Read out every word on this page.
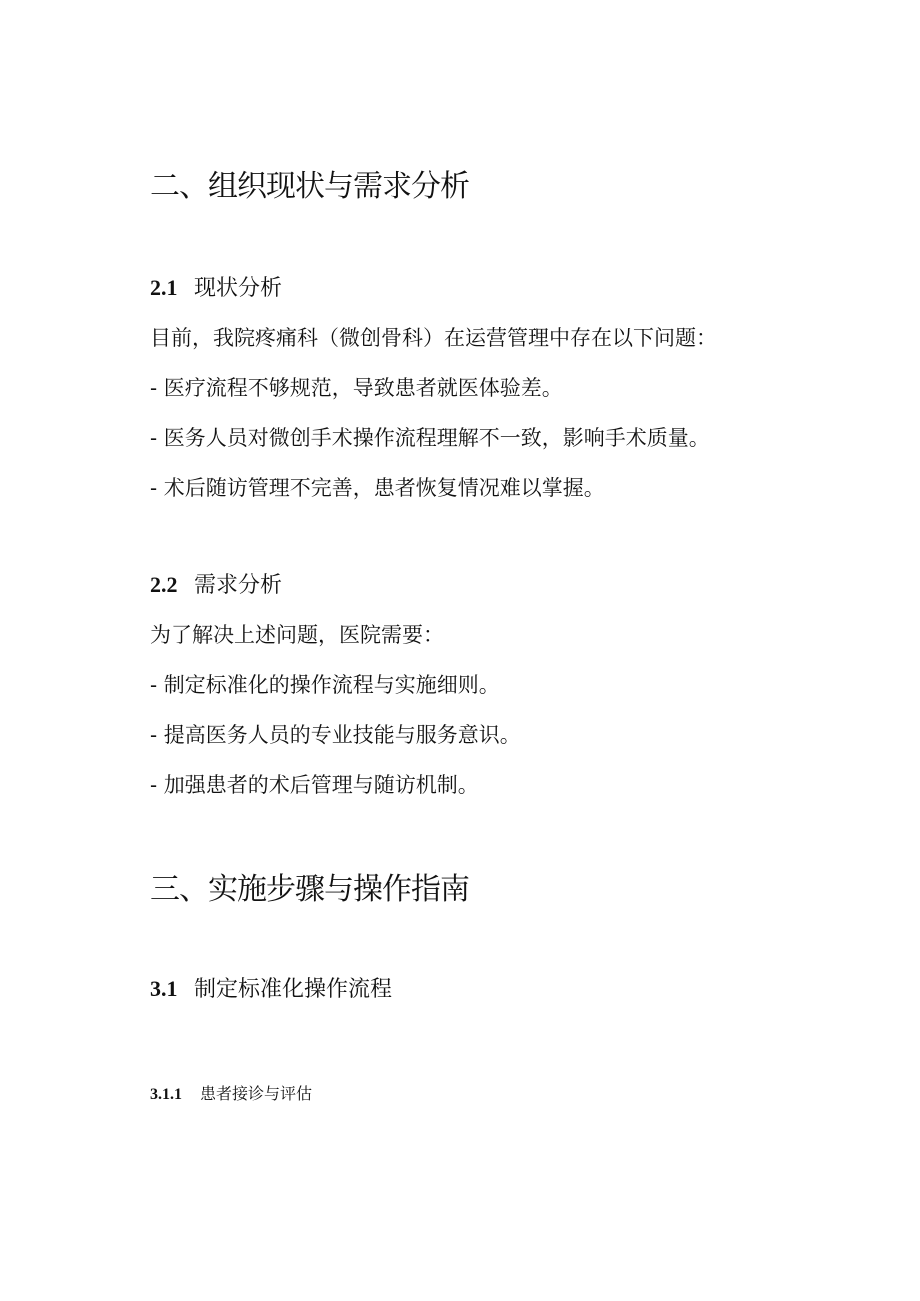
二、组织现状与需求分析
2.1 现状分析

目前，我院疼痛科（微创骨科）在运营管理中存在以下问题：

- 医疗流程不够规范，导致患者就医体验差。

- 医务人员对微创手术操作流程理解不一致，影响手术质量。

- 术后随访管理不完善，患者恢复情况难以掌握。

2.2 需求分析

为了解决上述问题，医院需要：

- 制定标准化的操作流程与实施细则。

- 提高医务人员的专业技能与服务意识。

- 加强患者的术后管理与随访机制。

三、实施步骤与操作指南
3.1 制定标准化操作流程
3.1.1 患者接诊与评估
